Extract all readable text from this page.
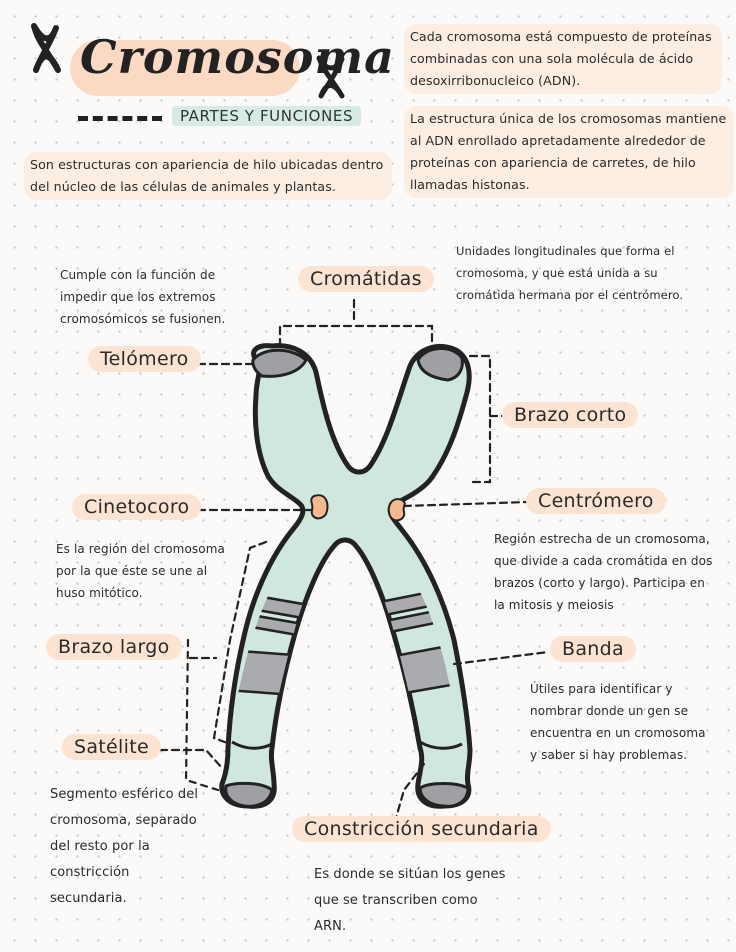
Cromosoma
PARTES Y FUNCIONES
Son estructuras con apariencia de hilo ubicadas dentro del núcleo de las células de animales y plantas.
Cada cromosoma está compuesto de proteínas combinadas con una sola molécula de ácido desoxirribonucleico (ADN).
La estructura única de los cromosomas mantiene al ADN enrollado apretadamente alrededor de proteínas con apariencia de carretes, de hilo llamadas histonas.
Cromátidas
Unidades longitudinales que forma el cromosoma, y que está unida a su cromátida hermana por el centrómero.
Cumple con la función de impedir que los extremos cromosómicos se fusionen.
Telómero
Brazo corto
Cinetocoro
Es la región del cromosoma por la que éste se une al huso mitótico.
Centrómero
Región estrecha de un cromosoma, que divide a cada cromátida en dos brazos (corto y largo). Participa en la mitosis y meiosis
Brazo largo	Banda
Útiles para identificar y nombrar donde un gen se encuentra en un cromosoma y saber si hay problemas.
Satélite
Segmento esférico del cromosoma, separado del resto por la constricción secundaria.
Constricción secundaria
Es donde se sitúan los genes que se transcriben como ARN.
